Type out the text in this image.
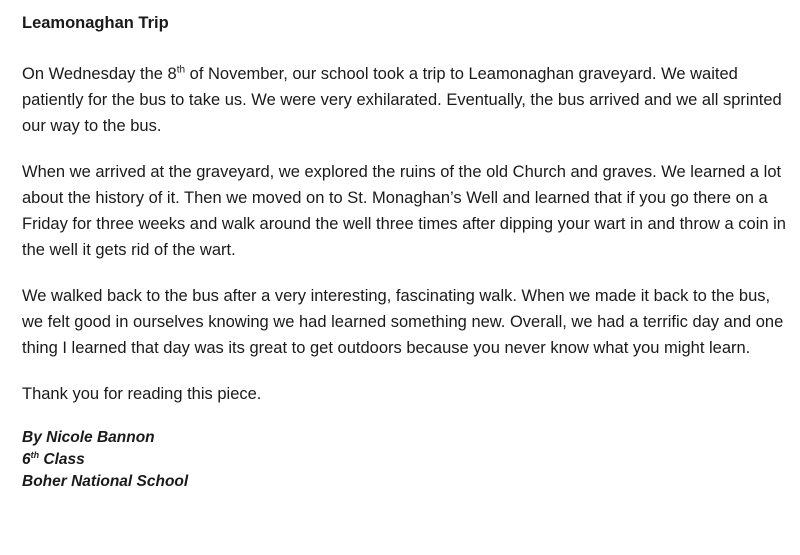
Leamonaghan Trip

On Wednesday the 8th of November, our school took a trip to Leamonaghan graveyard. We waited patiently for the bus to take us. We were very exhilarated. Eventually, the bus arrived and we all sprinted our way to the bus.

When we arrived at the graveyard, we explored the ruins of the old Church and graves. We learned a lot about the history of it. Then we moved on to St. Monaghan’s Well and learned that if you go there on a Friday for three weeks and walk around the well three times after dipping your wart in and throw a coin in the well it gets rid of the wart.

We walked back to the bus after a very interesting, fascinating walk. When we made it back to the bus, we felt good in ourselves knowing we had learned something new. Overall, we had a terrific day and one thing I learned that day was its great to get outdoors because you never know what you might learn.

Thank you for reading this piece.

By Nicole Bannon

6th Class

Boher National School
